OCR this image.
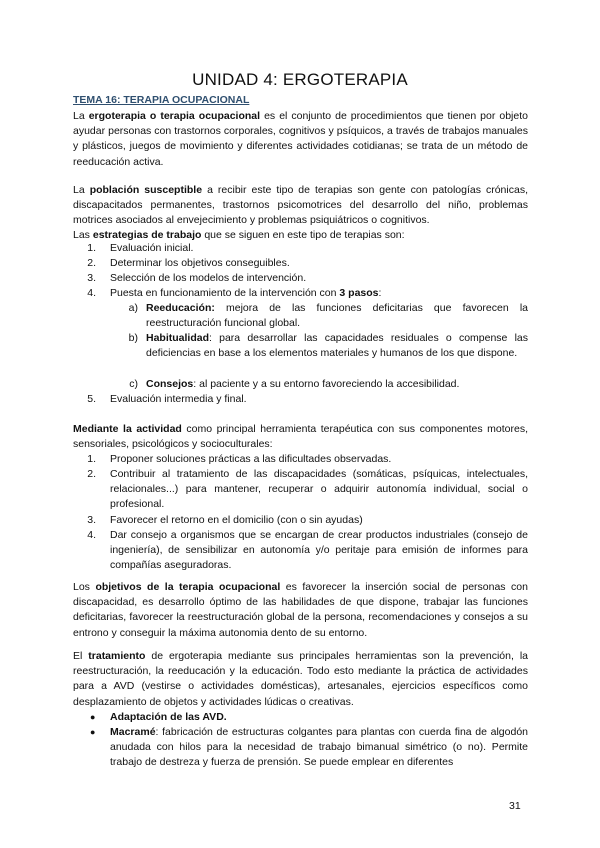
UNIDAD 4: ERGOTERAPIA
TEMA 16: TERAPIA OCUPACIONAL
La ergoterapia o terapia ocupacional es el conjunto de procedimientos que tienen por objeto ayudar personas con trastornos corporales, cognitivos y psíquicos, a través de trabajos manuales y plásticos, juegos de movimiento y diferentes actividades cotidianas; se trata de un método de reeducación activa.
La población susceptible a recibir este tipo de terapias son gente con patologías crónicas, discapacitados permanentes, trastornos psicomotrices del desarrollo del niño, problemas motrices asociados al envejecimiento y problemas psiquiátricos o cognitivos.
Las estrategias de trabajo que se siguen en este tipo de terapias son:
1. Evaluación inicial.
2. Determinar los objetivos conseguibles.
3. Selección de los modelos de intervención.
4. Puesta en funcionamiento de la intervención con 3 pasos:
a) Reeducación: mejora de las funciones deficitarias que favorecen la reestructuración funcional global.
b) Habitualidad: para desarrollar las capacidades residuales o compense las deficiencias en base a los elementos materiales y humanos de los que dispone.
c) Consejos: al paciente y a su entorno favoreciendo la accesibilidad.
5. Evaluación intermedia y final.
Mediante la actividad como principal herramienta terapéutica con sus componentes motores, sensoriales, psicológicos y socioculturales:
1. Proponer soluciones prácticas a las dificultades observadas.
2. Contribuir al tratamiento de las discapacidades (somáticas, psíquicas, intelectuales, relacionales...) para mantener, recuperar o adquirir autonomía individual, social o profesional.
3. Favorecer el retorno en el domicilio (con o sin ayudas)
4. Dar consejo a organismos que se encargan de crear productos industriales (consejo de ingeniería), de sensibilizar en autonomía y/o peritaje para emisión de informes para compañías aseguradoras.
Los objetivos de la terapia ocupacional es favorecer la inserción social de personas con discapacidad, es desarrollo óptimo de las habilidades de que dispone, trabajar las funciones deficitarias, favorecer la reestructuración global de la persona, recomendaciones y consejos a su entrono y conseguir la máxima autonomia dento de su entorno.
El tratamiento de ergoterapia mediante sus principales herramientas son la prevención, la reestructuración, la reeducación y la educación. Todo esto mediante la práctica de actividades para a AVD (vestirse o actividades domésticas), artesanales, ejercicios específicos como desplazamiento de objetos y actividades lúdicas o creativas.
● Adaptación de las AVD.
● Macramé: fabricación de estructuras colgantes para plantas con cuerda fina de algodón anudada con hilos para la necesidad de trabajo bimanual simétrico (o no). Permite trabajo de destreza y fuerza de prensión. Se puede emplear en diferentes
31
